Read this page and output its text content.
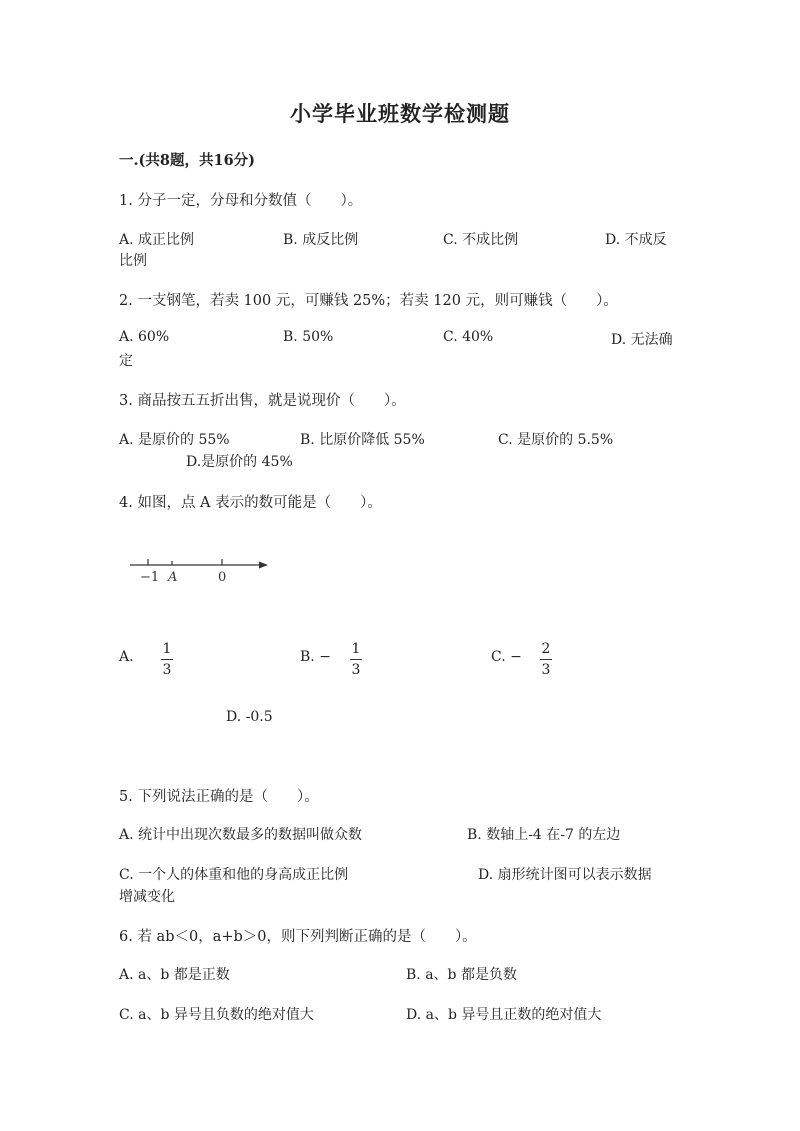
小学毕业班数学检测题
一.(共8题，共16分)
1. 分子一定，分母和分数值（　　）。
A. 成正比例	B. 成反比例	C. 不成比例	D. 不成反
比例
2. 一支钢笔，若卖 100 元，可赚钱 25%；若卖 120 元，则可赚钱（　　）。
A. 60%	B. 50%	C. 40%	D. 无法确
定
3. 商品按五五折出售，就是说现价（　　）。
A. 是原价的 55%	B. 比原价降低 55%	C. 是原价的 5.5%
D.是原价的 45%
4. 如图，点 A 表示的数可能是（　　）。
−1 A	0
A. 1
3
B. − 1
3
C. − 2
3
D. -0.5
5. 下列说法正确的是（　　）。
A. 统计中出现次数最多的数据叫做众数	B. 数轴上-4 在-7 的左边
C. 一个人的体重和他的身高成正比例	D. 扇形统计图可以表示数据
增减变化
6. 若 ab＜0，a+b＞0，则下列判断正确的是（　　）。
A. a、b 都是正数	B. a、b 都是负数
C. a、b 异号且负数的绝对值大	D. a、b 异号且正数的绝对值大
